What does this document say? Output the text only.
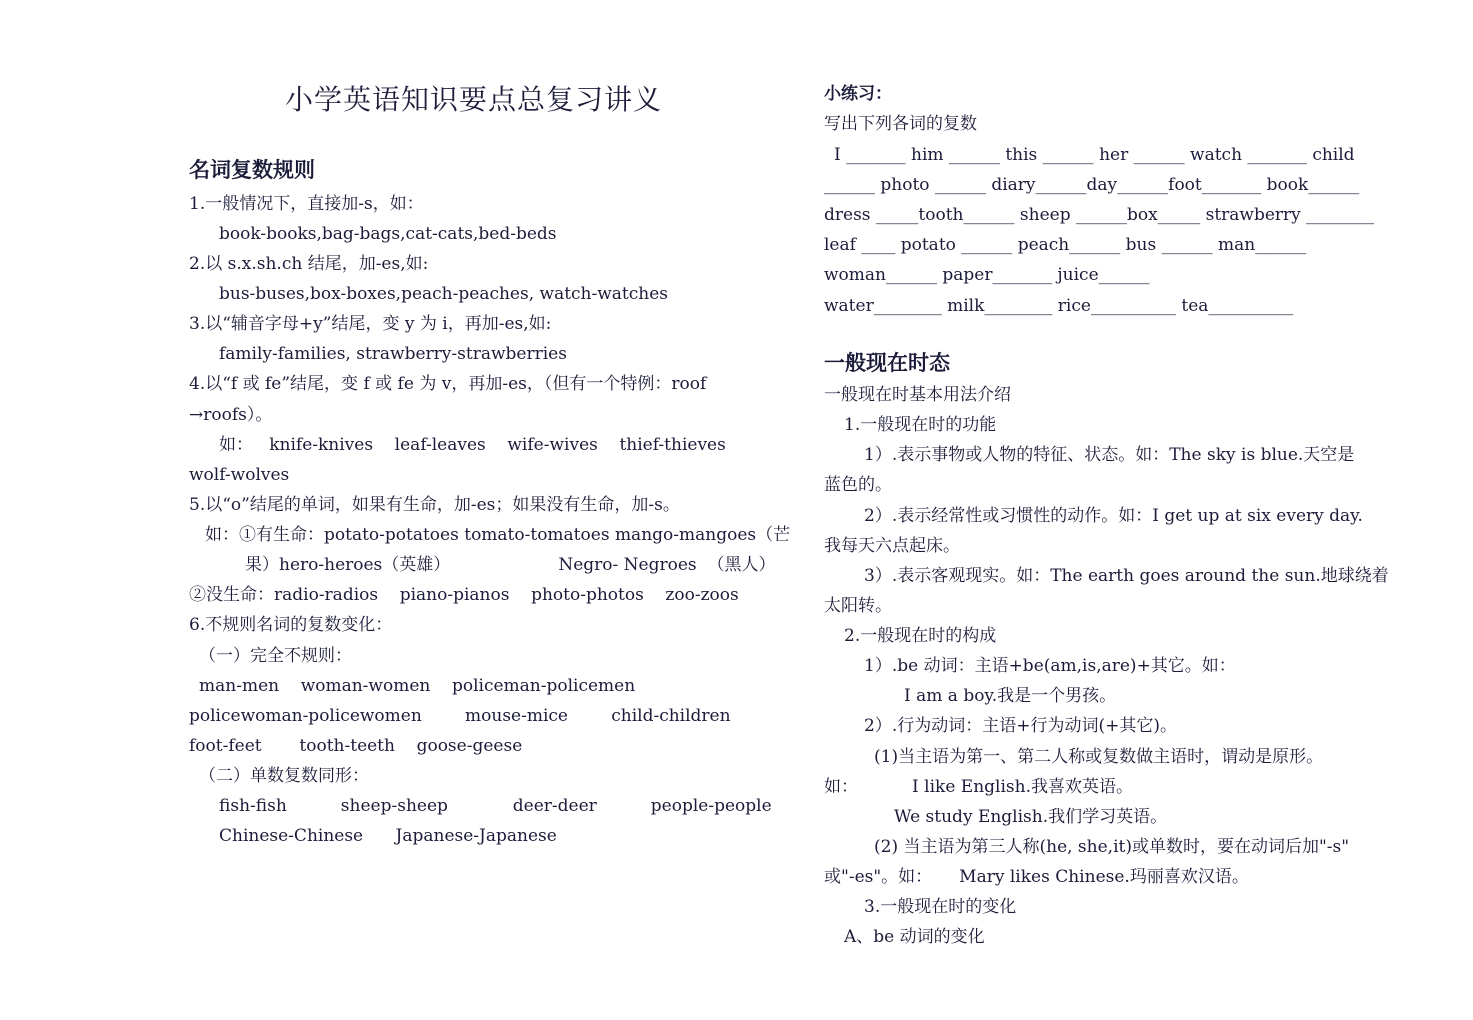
小学英语知识要点总复习讲义
名词复数规则
1.一般情况下，直接加-s，如：
book-books,bag-bags,cat-cats,bed-beds
2.以 s.x.sh.ch 结尾，加-es,如:
bus-buses,box-boxes,peach-peaches, watch-watches
3.以“辅音字母+y”结尾，变 y 为 i，再加-es,如:
family-families, strawberry-strawberries
4.以“f 或 fe”结尾，变 f 或 fe 为 v，再加-es，（但有一个特例：roof
→roofs）。
如：   knife-knives    leaf-leaves    wife-wives    thief-thieves
wolf-wolves
5.以“o”结尾的单词，如果有生命，加-es；如果没有生命，加-s。
如：①有生命：potato-potatoes tomato-tomatoes mango-mangoes（芒
果）hero-heroes（英雄）                    Negro- Negroes  （黑人）
②没生命：radio-radios    piano-pianos    photo-photos    zoo-zoos
6.不规则名词的复数变化：
（一）完全不规则：
man-men    woman-women    policeman-policemen
policewoman-policewomen        mouse-mice        child-children
foot-feet       tooth-teeth    goose-geese
（二）单数复数同形：
fish-fish          sheep-sheep            deer-deer          people-people
Chinese-Chinese      Japanese-Japanese
小练习：
写出下列各词的复数
I _______ him ______ this ______ her ______ watch _______ child
______ photo ______ diary______day______foot_______ book______
dress _____tooth______ sheep ______box_____ strawberry ________
leaf ____ potato ______ peach______ bus ______ man______
woman______ paper_______ juice______
water________ milk________ rice__________ tea__________
一般现在时态
一般现在时基本用法介绍
1.一般现在时的功能
1）.表示事物或人物的特征、状态。如：The sky is blue.天空是
蓝色的。
2）.表示经常性或习惯性的动作。如：I get up at six every day.
我每天六点起床。
3）.表示客观现实。如：The earth goes around the sun.地球绕着
太阳转。
2.一般现在时的构成
1）.be 动词：主语+be(am,is,are)+其它。如：
I am a boy.我是一个男孩。
2）.行为动词：主语+行为动词(+其它)。
(1)当主语为第一、第二人称或复数做主语时，谓动是原形。
如：          I like English.我喜欢英语。
We study English.我们学习英语。
(2) 当主语为第三人称(he, she,it)或单数时，要在动词后加"-s"
或"-es"。如：     Mary likes Chinese.玛丽喜欢汉语。
3.一般现在时的变化
A、be 动词的变化
